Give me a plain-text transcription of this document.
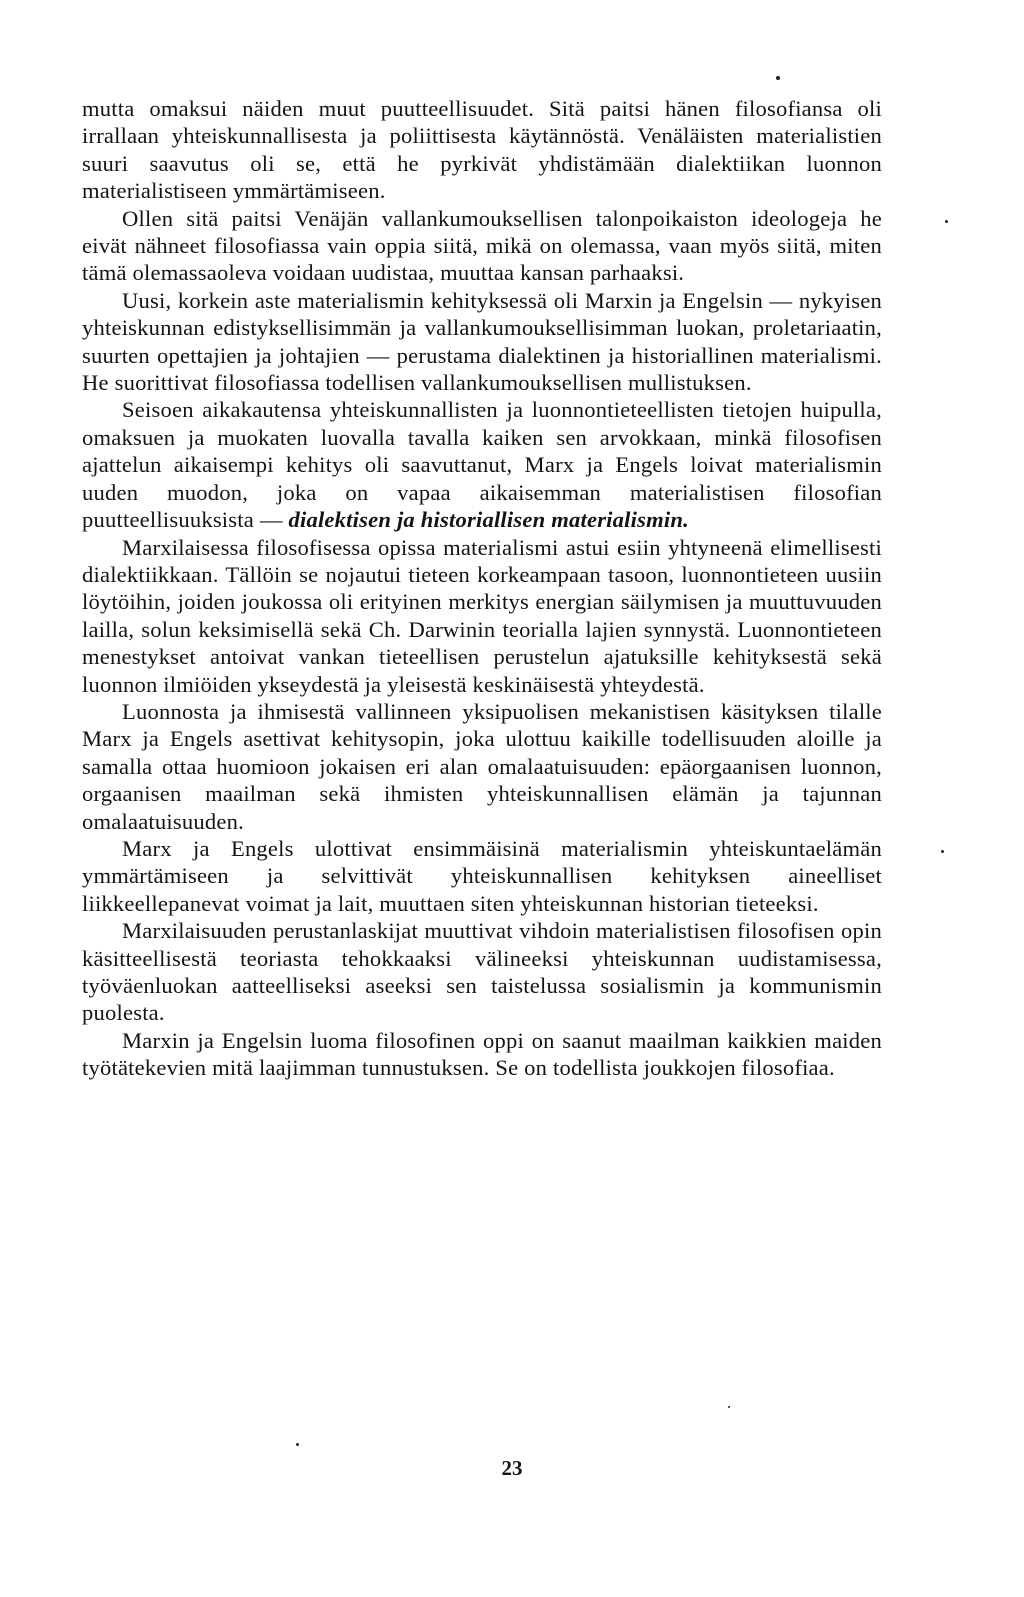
mutta omaksui näiden muut puutteellisuudet. Sitä paitsi hänen filosofiansa oli irrallaan yhteiskunnallisesta ja poliittisesta käytännöstä. Venäläisten materialistien suuri saavutus oli se, että he pyrkivät yhdistämään dialektiikan luonnon materialistiseen ymmärtämiseen.

Ollen sitä paitsi Venäjän vallankumouksellisen talonpoikaiston ideologeja he eivät nähneet filosofiassa vain oppia siitä, mikä on olemassa, vaan myös siitä, miten tämä olemassaoleva voidaan uudistaa, muuttaa kansan parhaaksi.

Uusi, korkein aste materialismin kehityksessä oli Marxin ja Engelsin — nykyisen yhteiskunnan edistyksellisimmän ja vallankumouksellisimman luokan, proletariaatin, suurten opettajien ja johtajien — perustama dialektinen ja historiallinen materialismi. He suorittivat filosofiassa todellisen vallankumouksellisen mullistuksen.

Seisoen aikakautensa yhteiskunnallisten ja luonnontieteellisten tietojen huipulla, omaksuen ja muokaten luovalla tavalla kaiken sen arvokkaan, minkä filosofisen ajattelun aikaisempi kehitys oli saavuttanut, Marx ja Engels loivat materialismin uuden muodon, joka on vapaa aikaisemman materialistisen filosofian puutteellisuuksista — dialektisen ja historiallisen materialismin.

Marxilaisessa filosofisessa opissa materialismi astui esiin yhtyneenä elimellisesti dialektiikkaan. Tällöin se nojautui tieteen korkeampaan tasoon, luonnontieteen uusiin löytöihin, joiden joukossa oli erityinen merkitys energian säilymisen ja muuttuvuuden lailla, solun keksimisellä sekä Ch. Darwinin teorialla lajien synnystä. Luonnontieteen menestykset antoivat vankan tieteellisen perustelun ajatuksille kehityksestä sekä luonnon ilmiöiden ykseydestä ja yleisestä keskinäisestä yhteydestä.

Luonnosta ja ihmisestä vallinneen yksipuolisen mekanistisen käsityksen tilalle Marx ja Engels asettivat kehitysopin, joka ulottuu kaikille todellisuuden aloille ja samalla ottaa huomioon jokaisen eri alan omalaatuisuuden: epäorgaanisen luonnon, orgaanisen maailman sekä ihmisten yhteiskunnallisen elämän ja tajunnan omalaatuisuuden.

Marx ja Engels ulottivat ensimmäisinä materialismin yhteiskuntaelämän ymmärtämiseen ja selvittivät yhteiskunnallisen kehityksen aineelliset liikkeellepanevat voimat ja lait, muuttaen siten yhteiskunnan historian tieteeksi.

Marxilaisuuden perustanlaskijat muuttivat vihdoin materialistisen filosofisen opin käsitteellisestä teoriasta tehokkaaksi välineeksi yhteiskunnan uudistamisessa, työväenluokan aatteelliseksi aseeksi sen taistelussa sosialismin ja kommunismin puolesta.

Marxin ja Engelsin luoma filosofinen oppi on saanut maailman kaikkien maiden työtätekevien mitä laajimman tunnustuksen. Se on todellista joukkojen filosofiaa.

23
